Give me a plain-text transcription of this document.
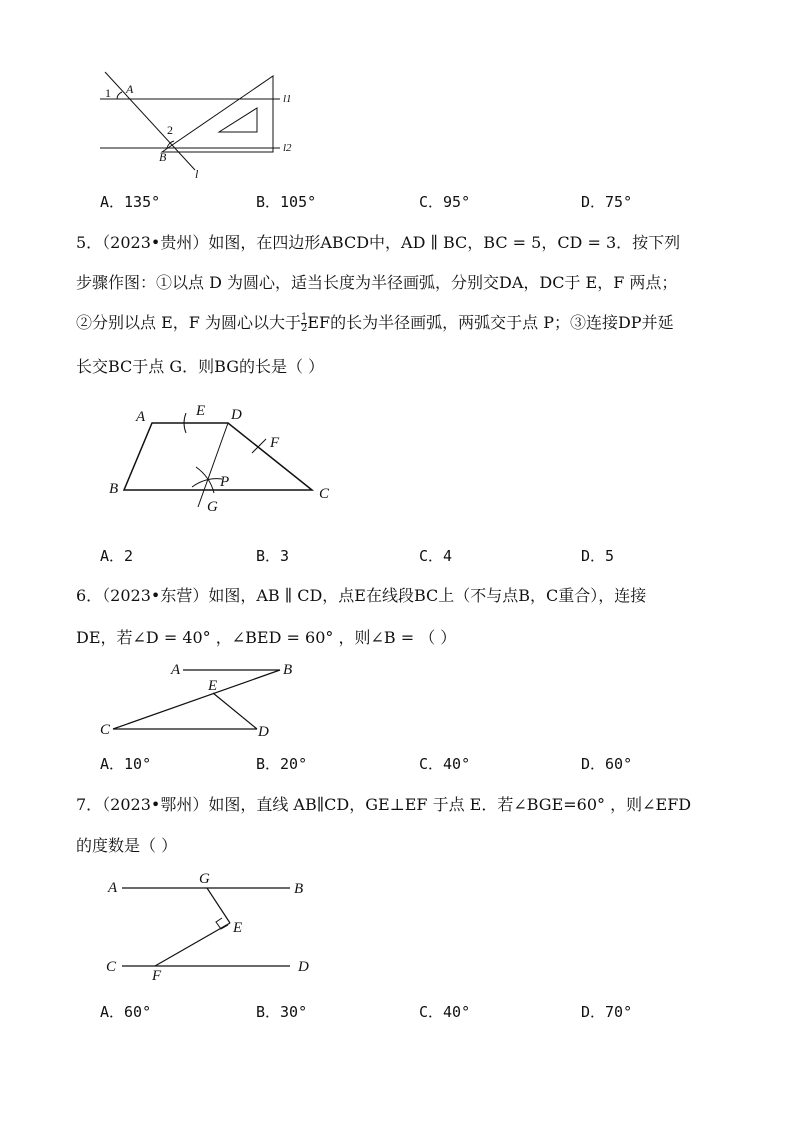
1 A
2
B
l1
l2
l
A．135°	B．105°	C．95°	D．75°
5．（2023•贵州）如图，在四边形ABCD中，AD ∥ BC，BC = 5，CD = 3．按下列
步骤作图：①以点 D 为圆心，适当长度为半径画弧，分别交DA，DC于 E，F 两点；
②分别以点 E，F 为圆心以大于 $\frac{1}{2}$ EF的长为半径画弧，两弧交于点 P；③连接DP并延
长交BC于点 G．则BG的长是（ ）
A	E D
F
B	P
C
G
A．2	B．3	C．4	D．5
6．（2023•东营）如图，AB ∥ CD，点E在线段BC上（不与点B，C重合），连接
DE，若∠D = 40° ，∠BED = 60° ，则∠B = （ ）
A	B
E
C	D
A．10°	B．20°	C．40°	D．60°
7．（2023•鄂州）如图，直线 AB∥CD，GE⊥EF 于点 E．若∠BGE=60° ，则∠EFD
的度数是（ ）
A
G
B
E
C
F
D
A．60°	B．30°	C．40°	D．70°
